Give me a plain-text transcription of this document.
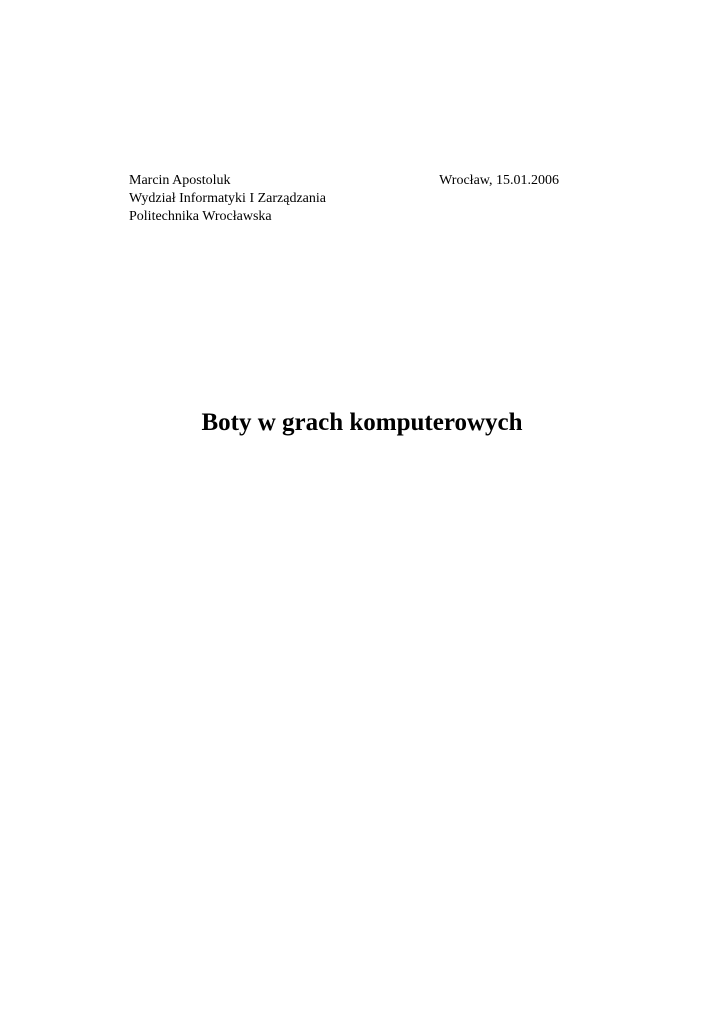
Marcin Apostoluk
Wydział Informatyki I Zarządzania
Politechnika Wrocławska
Wrocław, 15.01.2006
Boty w grach komputerowych
